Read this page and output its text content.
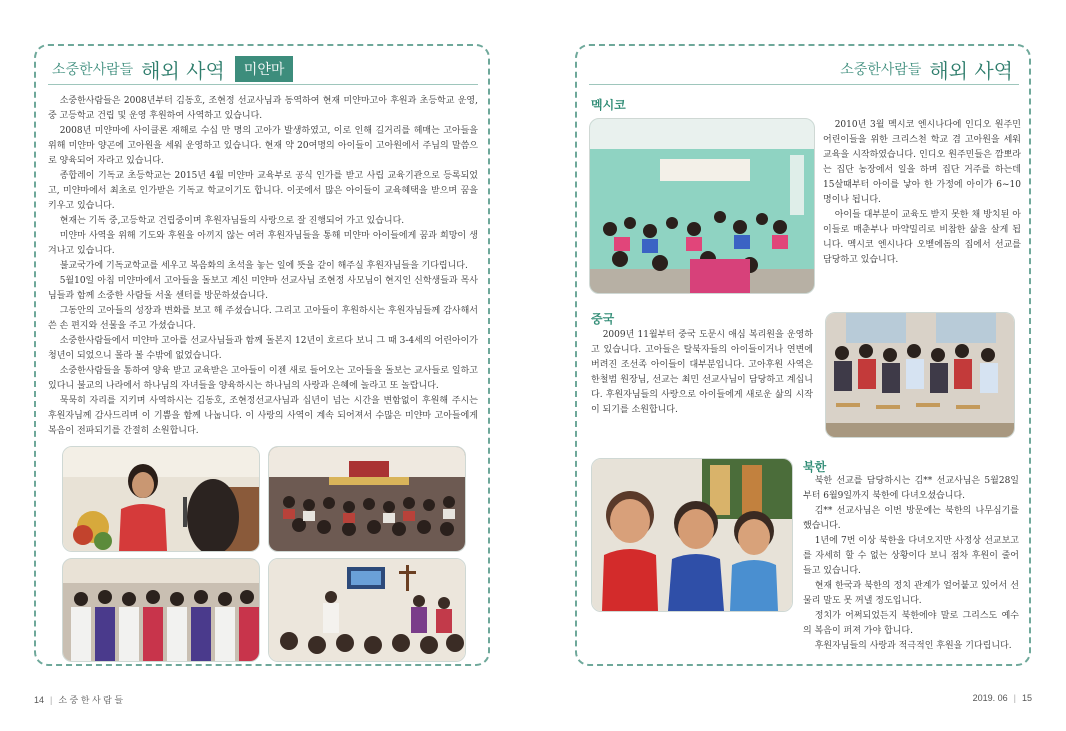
소중한사람들 해외 사역	미얀마

소중한사람들은 2008년부터 김동호, 조현정 선교사님과 동역하여 현재 미얀마고아 후원과 초등학교 운영, 중 고등학교 건립 및 운영 후원하여 사역하고 있습니다.

2008년 미얀마에 사이클론 재해로 수십 만 명의 고아가 발생하였고, 이로 인해 길거리를 헤매는 고아들을 위해 미얀마 양곤에 고아원을 세워 운영하고 있습니다. 현재 약 20여명의 아이들이 고아원에서 주님의 말씀으로 양육되어 자라고 있습니다.

종합레이 기독교 초등학교는 2015년 4월 미얀마 교육부로 공식 인가를 받고 사립 교육기관으로 등록되었고, 미얀마에서 최초로 인가받은 기독교 학교이기도 합니다. 이곳에서 많은 아이들이 교육혜택을 받으며 꿈을 키우고 있습니다.

현재는 기독 중,고등학교 건립중이며 후원자님들의 사랑으로 잘 진행되어 가고 있습니다.

미얀마 사역을 위해 기도와 후원을 아끼지 않는 여러 후원자님들을 통해 미얀마 아이들에게 꿈과 희망이 생겨나고 있습니다.

불교국가에 기독교학교를 세우고 복음화의 초석을 놓는 일에 뜻을 같이 해주실 후원자님들을 기다립니다.

5월10일 아침 미얀마에서 고아들을 돌보고 계신 미얀마 선교사님 조현정 사모님이 현지인 신학생들과 목사님들과 함께 소중한 사람들 서울 센터를 방문하셨습니다.

그동안의 고아들의 성장과 변화를 보고 해 주셨습니다. 그리고 고아들이 후원하시는 후원자님들께 감사해서 쓴 손 편지와 선물을 주고 가셨습니다.

소중한사람들에서 미얀마 고아를 선교사님들과 함께 돌본지 12년이 흐르다 보니 그 때 3-4세의 어린아이가 청년이 되었으니 몰라 볼 수밖에 없었습니다.

소중한사람들을 통하여 양육 받고 교육받은 고아들이 이젠 새로 들어오는 고아들을 돌보는 교사들로 일하고 있다니 불교의 나라에서 하나님의 자녀들을 양육하시는 하나님의 사랑과 은혜에 놀라고 또 놀랍니다.

묵묵히 자리를 지키며 사역하시는 김동호, 조현정선교사님과 십년이 넘는 시간을 변함없이 후원해 주시는 후원자님께 감사드리며 이 기쁨을 함께 나눕니다. 이 사랑의 사역이 계속 되어져서 수많은 미얀마 고아들에게 복음이 전파되기를 간절히 소원합니다.

소중한사람들 해외 사역
멕시코

2010년 3월 멕시코 엔시나다에 인디오 원주민 어린이들을 위한 크리스천 학교 겸 고아원을 세워 교육을 시작하였습니다. 인디오 원주민들은 깜뽀라는 집단 농장에서 일을 하며 집단 거주를 하는데 15살때부터 아이를 낳아 한 가정에 아이가 6~10명이나 됩니다.

아이들 대부분이 교육도 받지 못한 채 방치된 아이들로 매춘부나 마약밀리로 비참한 삶을 살게 됩니다. 멕시코 엔시나다 오벧에돔의 집에서 선교를 담당하고 있습니다.

중국

2009년 11월부터 중국 도문시 애심 복리원을 운영하고 있습니다. 고아들은 탈북자들의 아이들이거나 연변에 버려진 조선족 아이들이 대부분입니다. 고아후원 사역은 한철범 원장님, 선교는 최민 선교사님이 담당하고 계십니다. 후원자님들의 사랑으로 아이들에게 새로운 삶의 시작이 되기를 소원합니다.

북한

북한 선교를 담당하시는 김** 선교사님은 5월28일부터 6월9일까지 북한에 다녀오셨습니다.

김** 선교사님은 이번 방문에는 북한의 나무심기를 했습니다.

1년에 7번 이상 북한을 다녀오지만 사정상 선교보고를 자세히 할 수 없는 상황이다 보니 점차 후원이 줄어들고 있습니다.

현재 한국과 북한의 정치 관계가 얼어붙고 있어서 선물리 말도 못 꺼낼 정도입니다.

정치가 어쩌되었든지 북한에야 말로 그리스도 예수의 복음이 퍼져 가야 합니다.

후원자님들의 사랑과 적극적인 후원을 기다립니다.

14 | 소 중 한 사 람 들	2019. 06 | 15
